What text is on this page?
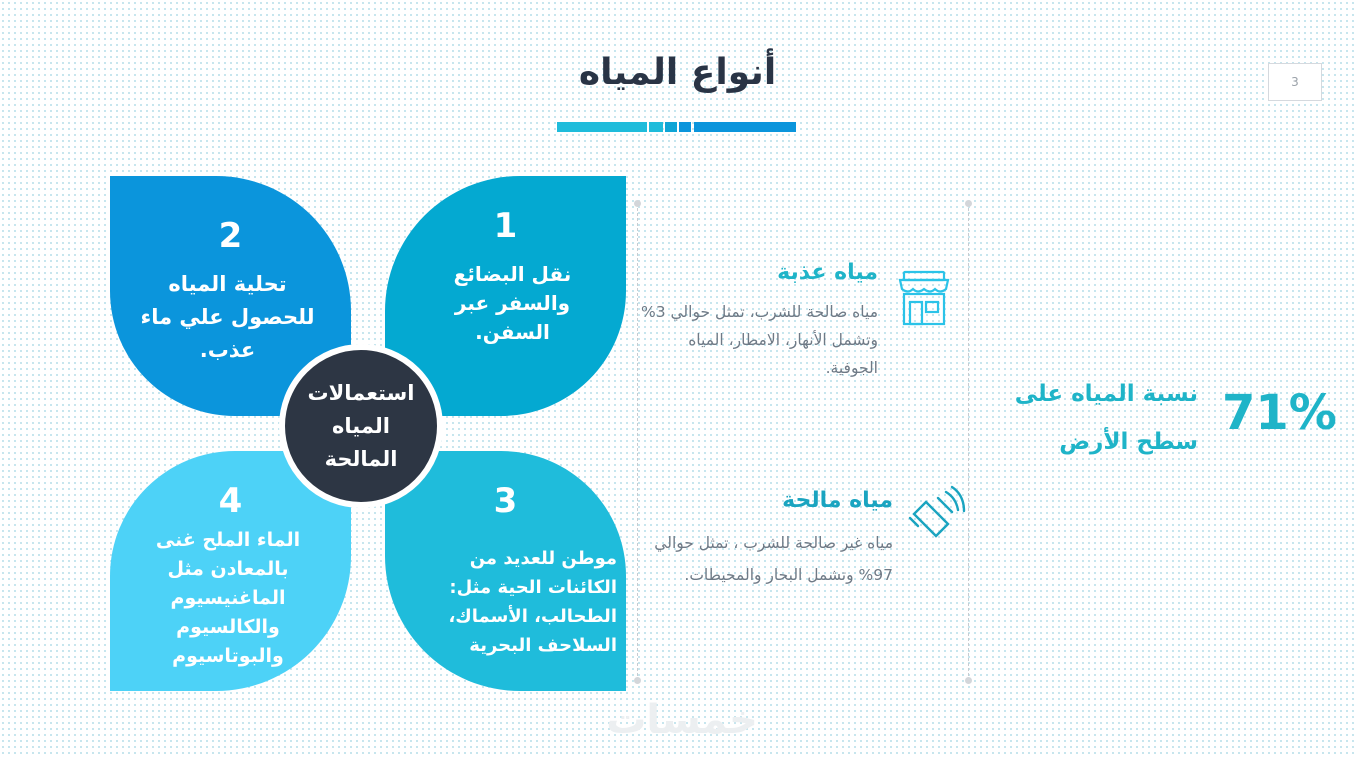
أنواع المياه	3
1
نقل البضائع والسفر عبر السفن.
2
تحلية المياه للحصول علي ماء عذب.
3
موطن للعديد من الكائنات الحية مثل: الطحالب، الأسماك، السلاحف البحرية
4
الماء الملح غنى بالمعادن مثل الماغنيسيوم والكالسيوم والبوتاسيوم
استعمالات المياه المالحة
مياه عذبة
مياه صالحة للشرب، تمثل حوالي 3% وتشمل الأنهار، الامطار، المياه الجوفية.
مياه مالحة
مياه غير صالحة للشرب ، تمثل حوالي 97% وتشمل البحار والمحيطات.
نسبة المياه على سطح الأرض
71%
خمسات
